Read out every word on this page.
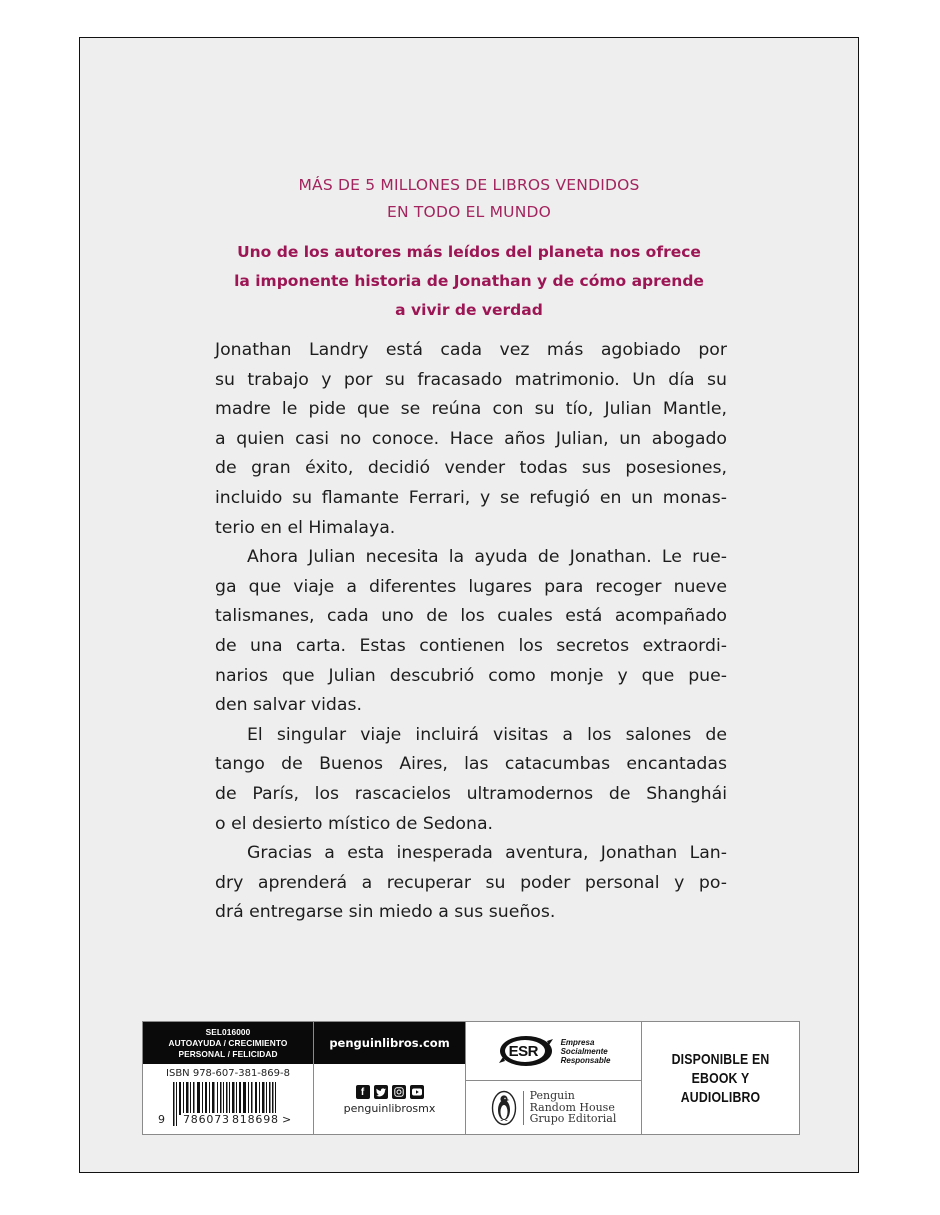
MÁS DE 5 MILLONES DE LIBROS VENDIDOS
EN TODO EL MUNDO
Uno de los autores más leídos del planeta nos ofrece
la imponente historia de Jonathan y de cómo aprende
a vivir de verdad

Jonathan Landry está cada vez más agobiado por
su trabajo y por su fracasado matrimonio. Un día su
madre le pide que se reúna con su tío, Julian Mantle,
a quien casi no conoce. Hace años Julian, un abogado
de gran éxito, decidió vender todas sus posesiones,
incluido su flamante Ferrari, y se refugió en un monas-
terio en el Himalaya.

Ahora Julian necesita la ayuda de Jonathan. Le rue-
ga que viaje a diferentes lugares para recoger nueve
talismanes, cada uno de los cuales está acompañado
de una carta. Estas contienen los secretos extraordi-
narios que Julian descubrió como monje y que pue-
den salvar vidas.

El singular viaje incluirá visitas a los salones de
tango de Buenos Aires, las catacumbas encantadas
de París, los rascacielos ultramodernos de Shanghái
o el desierto místico de Sedona.

Gracias a esta inesperada aventura, Jonathan Lan-
dry aprenderá a recuperar su poder personal y po-
drá entregarse sin miedo a sus sueños.

SEL016000
AUTOAYUDA / CRECIMIENTO
PERSONAL / FELICIDAD
ISBN 978-607-381-869-8
9 786073 818698 >
penguinlibros.com
f
penguinlibrosmx
ESR
Empresa
Socialmente
Responsable
Penguin
Random House
Grupo Editorial
DISPONIBLE EN
EBOOK Y AUDIOLIBRO
